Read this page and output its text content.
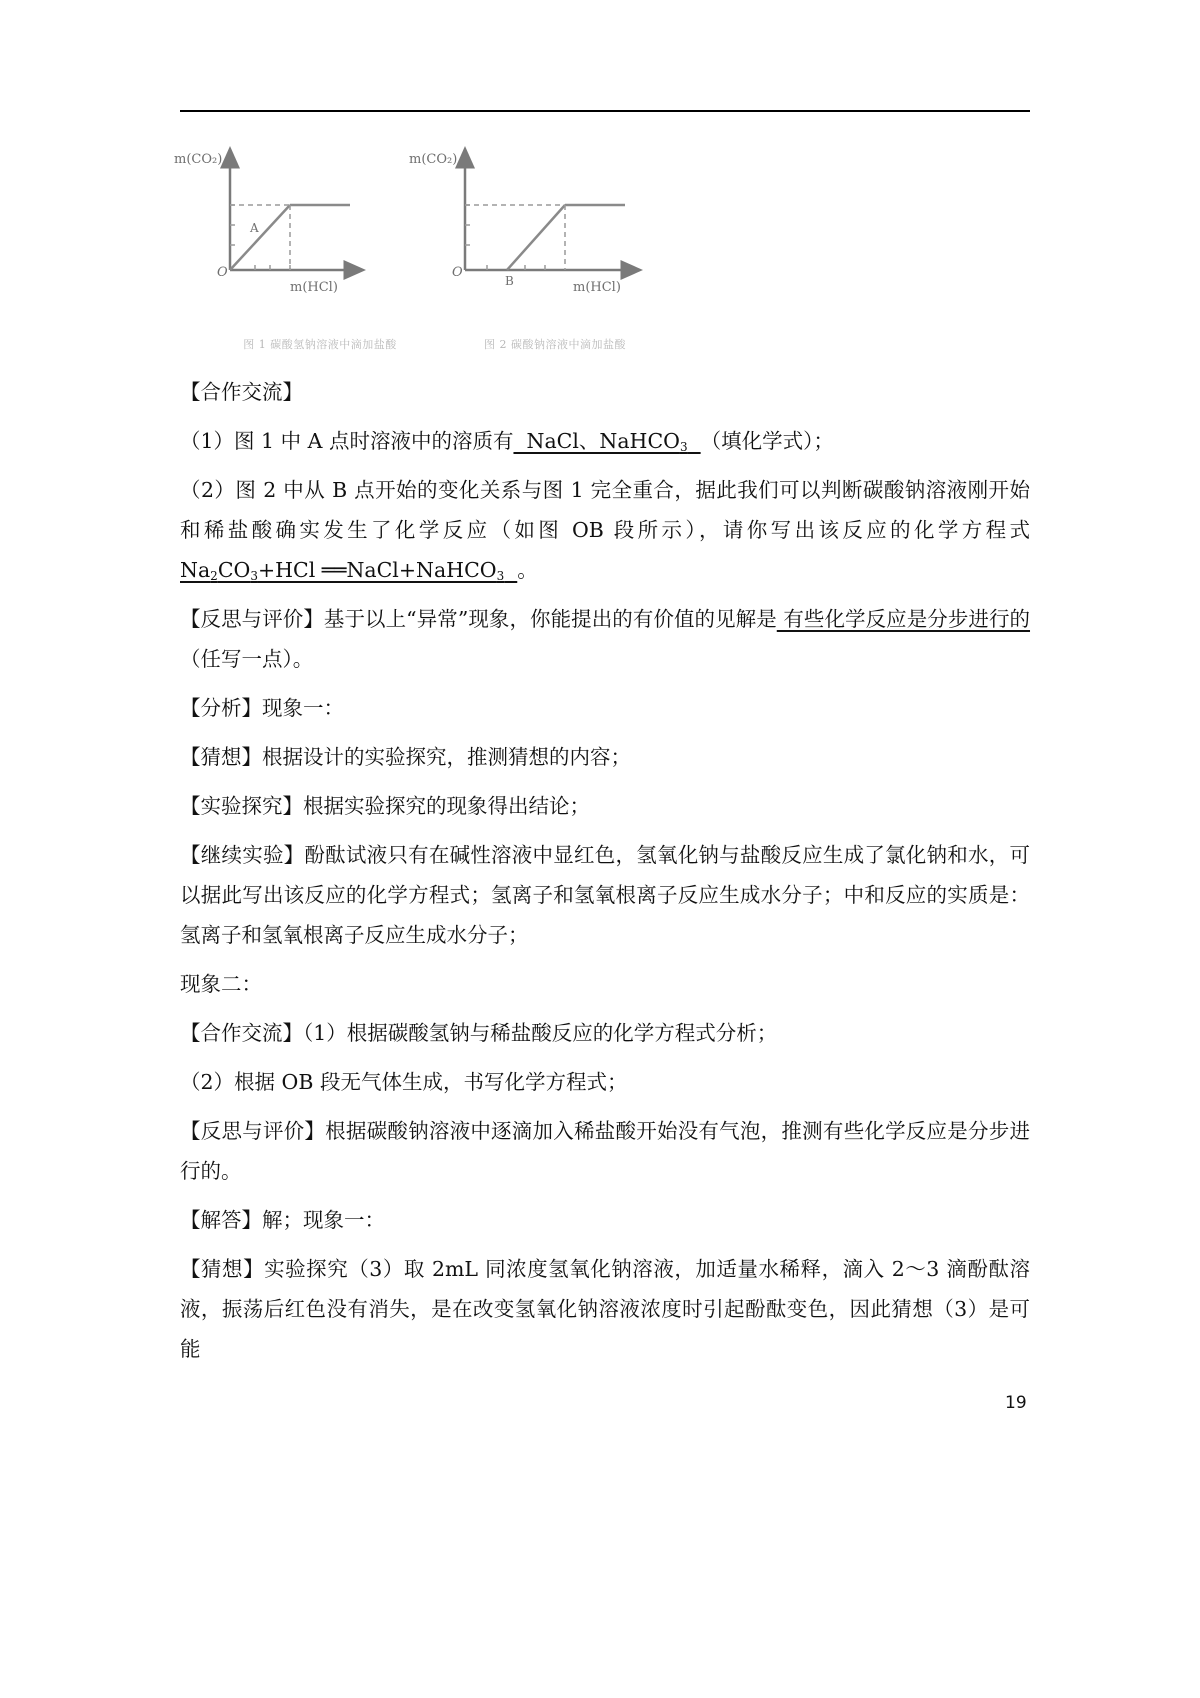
m(CO₂)
m(HCl)
O
A
图 1 碳酸氢钠溶液中滴加盐酸
m(CO₂)
m(HCl)
O
B
图 2 碳酸钠溶液中滴加盐酸

【合作交流】

（1）图 1 中 A 点时溶液中的溶质有  NaCl、NaHCO$_3$ （填化学式）；

（2）图 2 中从 B 点开始的变化关系与图 1 完全重合，据此我们可以判断碳酸钠溶液刚开始和稀盐酸确实发生了化学反应（如图 OB 段所示），请你写出该反应的化学方程式 $Na_2CO_3+HCl$ ══NaCl+NaHCO$_3$ 。

【反思与评价】基于以上“异常”现象，你能提出的有价值的见解是 有些化学反应是分步进行的 （任写一点）。

【分析】现象一：

【猜想】根据设计的实验探究，推测猜想的内容；

【实验探究】根据实验探究的现象得出结论；

【继续实验】酚酞试液只有在碱性溶液中显红色，氢氧化钠与盐酸反应生成了氯化钠和水，可以据此写出该反应的化学方程式；氢离子和氢氧根离子反应生成水分子；中和反应的实质是：氢离子和氢氧根离子反应生成水分子；

现象二：

【合作交流】（1）根据碳酸氢钠与稀盐酸反应的化学方程式分析；

（2）根据 OB 段无气体生成，书写化学方程式；

【反思与评价】根据碳酸钠溶液中逐滴加入稀盐酸开始没有气泡，推测有些化学反应是分步进行的。

【解答】解；现象一：

【猜想】实验探究（3）取 2mL 同浓度氢氧化钠溶液，加适量水稀释，滴入 2～3 滴酚酞溶液，振荡后红色没有消失，是在改变氢氧化钠溶液浓度时引起酚酞变色，因此猜想（3）是可能

19
